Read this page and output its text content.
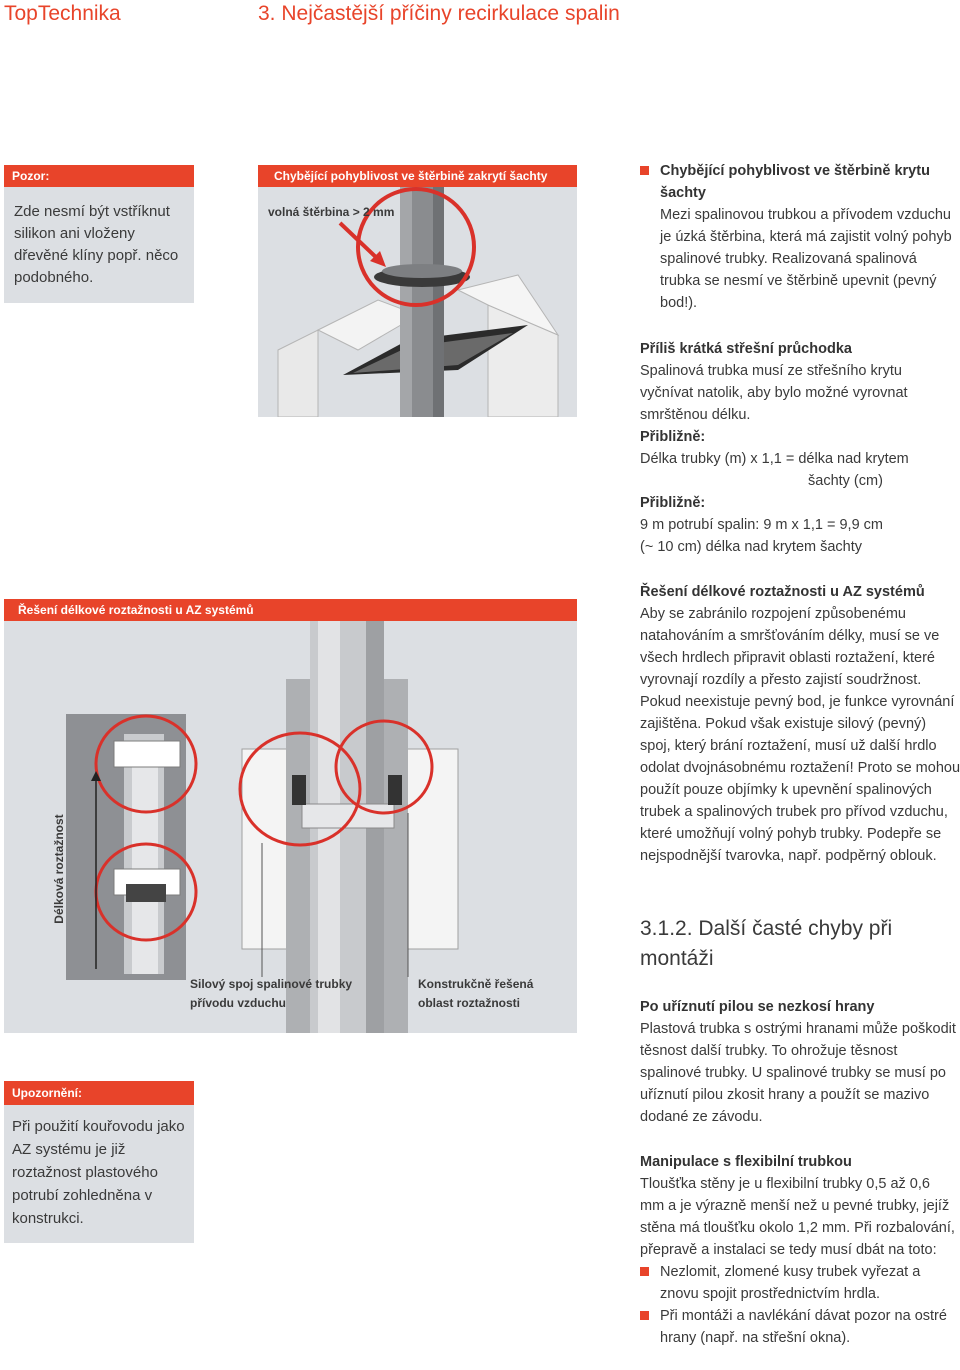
TopTechnika	3. Nejčastější příčiny recirkulace spalin
Pozor:
Zde nesmí být vstříknut silikon ani vloženy dřevěné klíny popř. něco podobného.
Chybějící pohyblivost ve štěrbině zakrytí šachty
volná štěrbina > 2 mm
Chybějící pohyblivost ve štěrbině krytu šachty
Mezi spalinovou trubkou a přívodem vzduchu je úzká štěrbina, která má zajistit volný pohyb spalinové trubky. Realizovaná spalinová trubka se nesmí ve štěrbině upevnit (pevný bod!).
Příliš krátká střešní průchodka
Spalinová trubka musí ze střešního krytu vyčnívat natolik, aby bylo možné vyrovnat smrštěnou délku.
Přibližně:
Délka trubky (m) x 1,1 = délka nad krytem
šachty (cm)
Přibližně:
9 m potrubí spalin: 9 m x 1,1 = 9,9 cm
(~ 10 cm) délka nad krytem šachty
Řešení délkové roztažnosti u AZ systémů
Délková roztažnost
Silový spoj spalinové trubky
přívodu vzduchu
Konstrukčně řešená
oblast roztažnosti
Upozornění:
Při použití kouřovodu jako AZ systému je již roztažnost plastového potrubí zohledněna v konstrukci.
Řešení délkové roztažnosti u AZ systémů
Aby se zabránilo rozpojení způsobenému natahováním a smršťováním délky, musí se ve všech hrdlech připravit oblasti roztažení, které vyrovnají rozdíly a přesto zajistí soudržnost. Pokud neexistuje pevný bod, je funkce vyrovnání zajištěna. Pokud však existuje silový (pevný) spoj, který brání roztažení, musí už další hrdlo odolat dvojnásobnému roztažení! Proto se mohou použít pouze objímky k upevnění spalinových trubek a spalinových trubek pro přívod vzduchu, které umožňují volný pohyb trubky. Podepře se nejspodnější tvarovka, např. podpěrný oblouk.
3.1.2. Další časté chyby při montáži
Po uříznutí pilou se nezkosí hrany
Plastová trubka s ostrými hranami může poškodit těsnost další trubky. To ohrožuje těsnost spalinové trubky. U spalinové trubky se musí po uříznutí pilou zkosit hrany a použít se mazivo dodané ze závodu.
Manipulace s flexibilní trubkou
Tloušťka stěny je u flexibilní trubky 0,5 až 0,6 mm a je výrazně menší než u pevné trubky, jejíž stěna má tloušťku okolo 1,2 mm. Při rozbalování, přepravě a instalaci se tedy musí dbát na toto:
Nezlomit, zlomené kusy trubek vyřezat a znovu spojit prostřednictvím hrdla.
Při montáži a navlékání dávat pozor na ostré hrany (např. na střešní okna).
